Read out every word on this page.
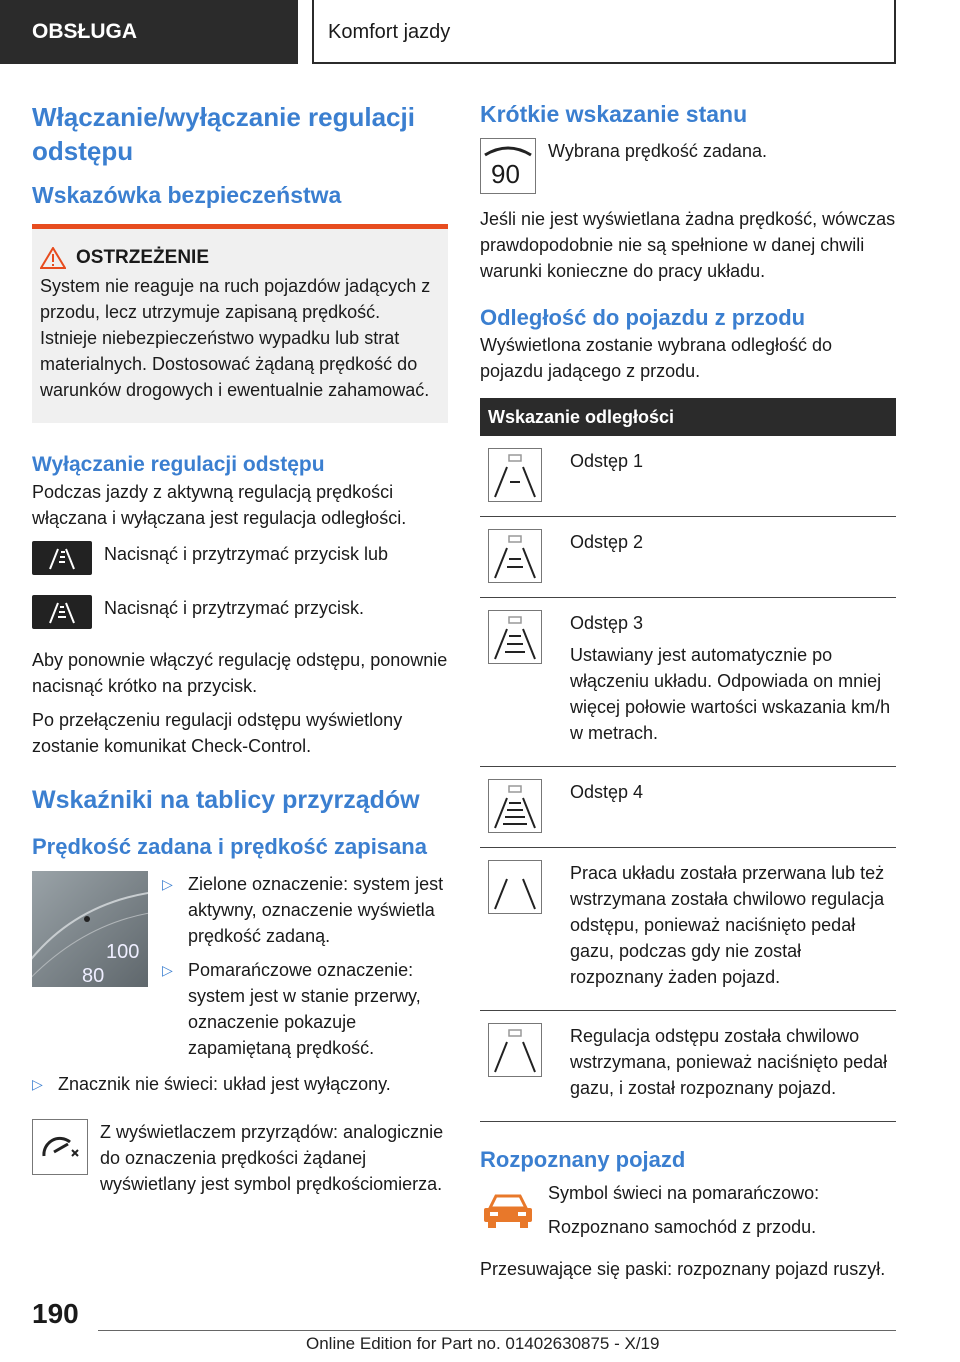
OBSŁUGA	Komfort jazdy
Włączanie/wyłączanie regulacji odstępu
Wskazówka bezpieczeństwa
OSTRZEŻENIE

System nie reaguje na ruch pojazdów jadących z przodu, lecz utrzymuje zapisaną prędkość. Istnieje niebezpieczeństwo wypadku lub strat materialnych. Dostosować żądaną prędkość do warunków drogowych i ewentualnie zahamować.

Wyłączanie regulacji odstępu

Podczas jazdy z aktywną regulacją prędkości włączana i wyłączana jest regulacja odległości.

Nacisnąć i przytrzymać przycisk lub

Nacisnąć i przytrzymać przycisk.

Aby ponownie włączyć regulację odstępu, ponownie nacisnąć krótko na przycisk.

Po przełączeniu regulacji odstępu wyświetlony zostanie komunikat Check-Control.

Wskaźniki na tablicy przyrządów
Prędkość zadana i prędkość zapisana
100
80
▷ Zielone oznaczenie: system jest aktywny, oznaczenie wyświetla prędkość zadaną.
▷ Pomarańczowe oznaczenie: system jest w stanie przerwy, oznaczenie pokazuje zapamiętaną prędkość.
▷ Znacznik nie świeci: układ jest wyłączony.

Z wyświetlaczem przyrządów: analogicznie do oznaczenia prędkości żądanej wyświetlany jest symbol prędkościomierza.

Krótkie wskazanie stanu
90

Wybrana prędkość zadana.

Jeśli nie jest wyświetlana żadna prędkość, wówczas prawdopodobnie nie są spełnione w danej chwili warunki konieczne do pracy układu.

Odległość do pojazdu z przodu

Wyświetlona zostanie wybrana odległość do pojazdu jadącego z przodu.

Wskazanie odległości

Odstęp 1

Odstęp 2

Odstęp 3

Ustawiany jest automatycznie po włączeniu układu. Odpowiada on mniej więcej połowie wartości wskazania km/h w metrach.

Odstęp 4

Praca układu została przerwana lub też wstrzymana została chwilowo regulacja odstępu, ponieważ naciśnięto pedał gazu, podczas gdy nie został rozpoznany żaden pojazd.

Regulacja odstępu została chwilowo wstrzymana, ponieważ naciśnięto pedał gazu, i został rozpoznany pojazd.

Rozpoznany pojazd

Symbol świeci na pomarańczowo:

Rozpoznano samochód z przodu.

Przesuwające się paski: rozpoznany pojazd ruszył.

190
Online Edition for Part no. 01402630875 - X/19
